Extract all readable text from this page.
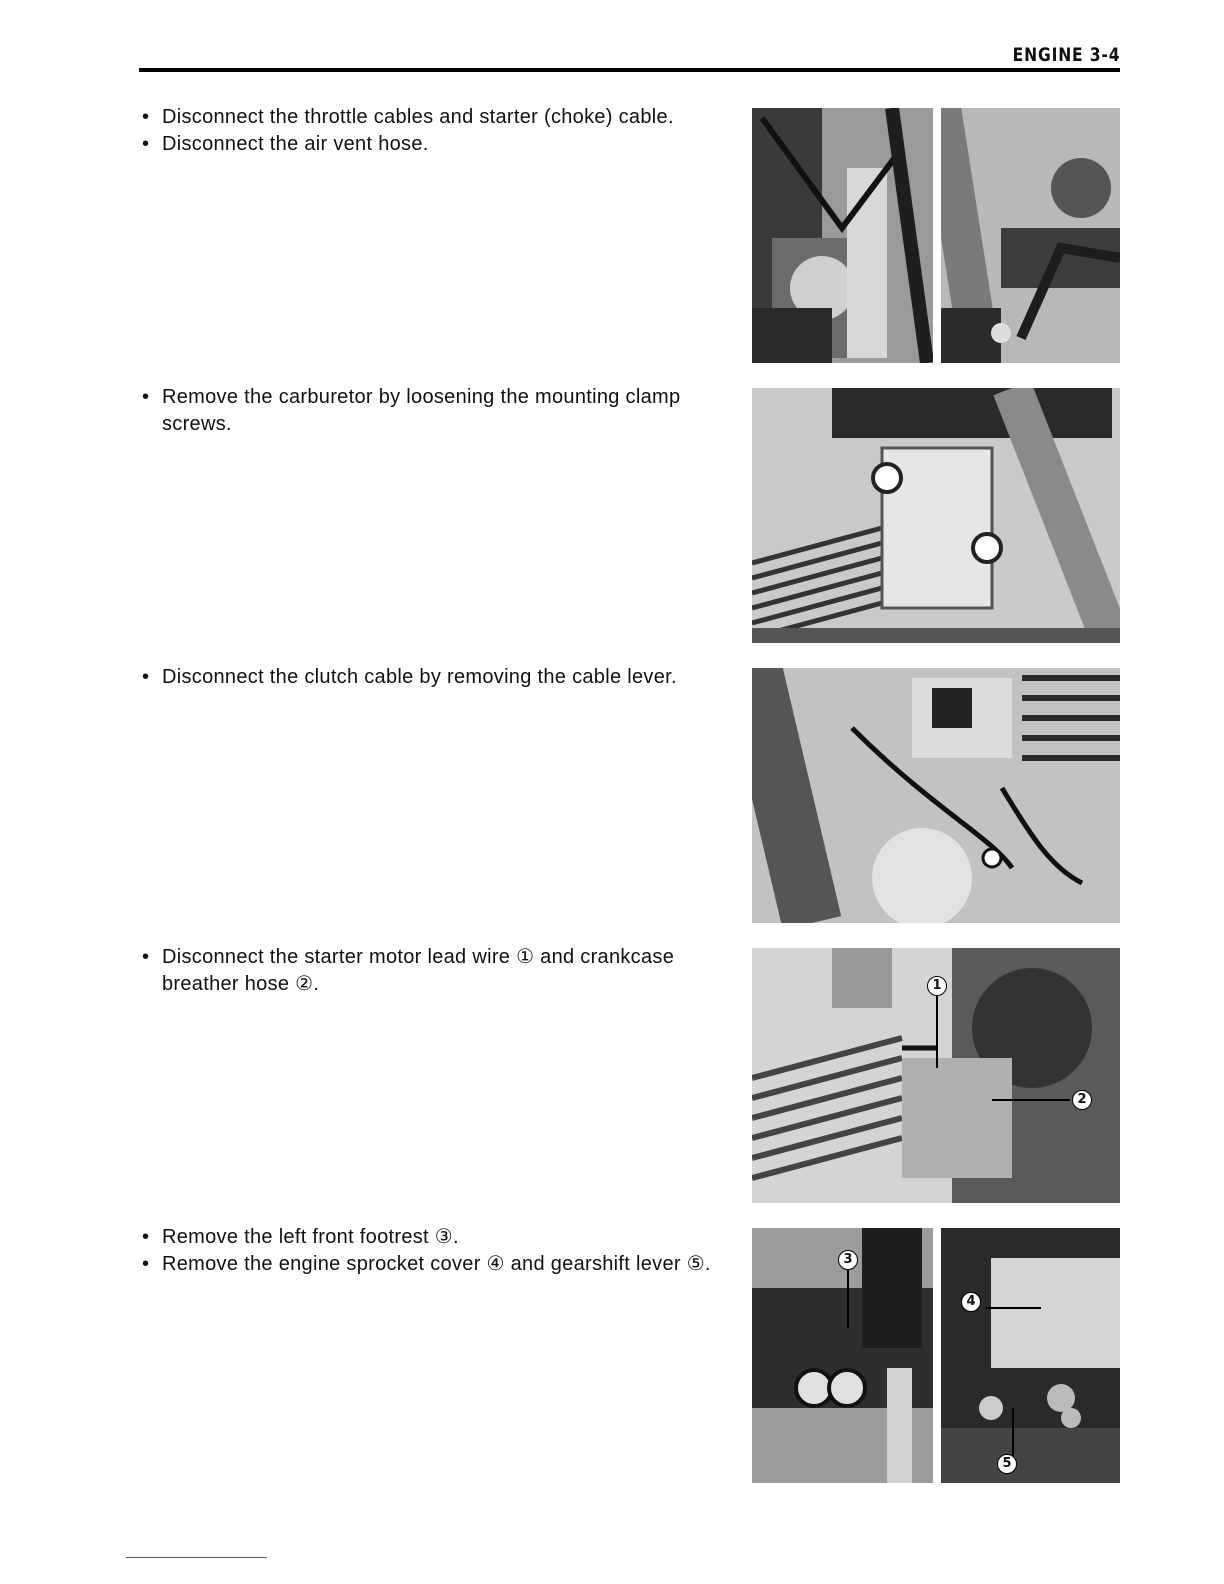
ENGINE 3-4
• Disconnect the throttle cables and starter (choke) cable.
• Disconnect the air vent hose.
• Remove the carburetor by loosening the mounting clamp screws.
• Disconnect the clutch cable by removing the cable lever.
• Disconnect the starter motor lead wire ① and crankcase breather hose ②.	1
2
• Remove the left front footrest ③.
• Remove the engine sprocket cover ④ and gearshift lever ⑤.	3
4
5
